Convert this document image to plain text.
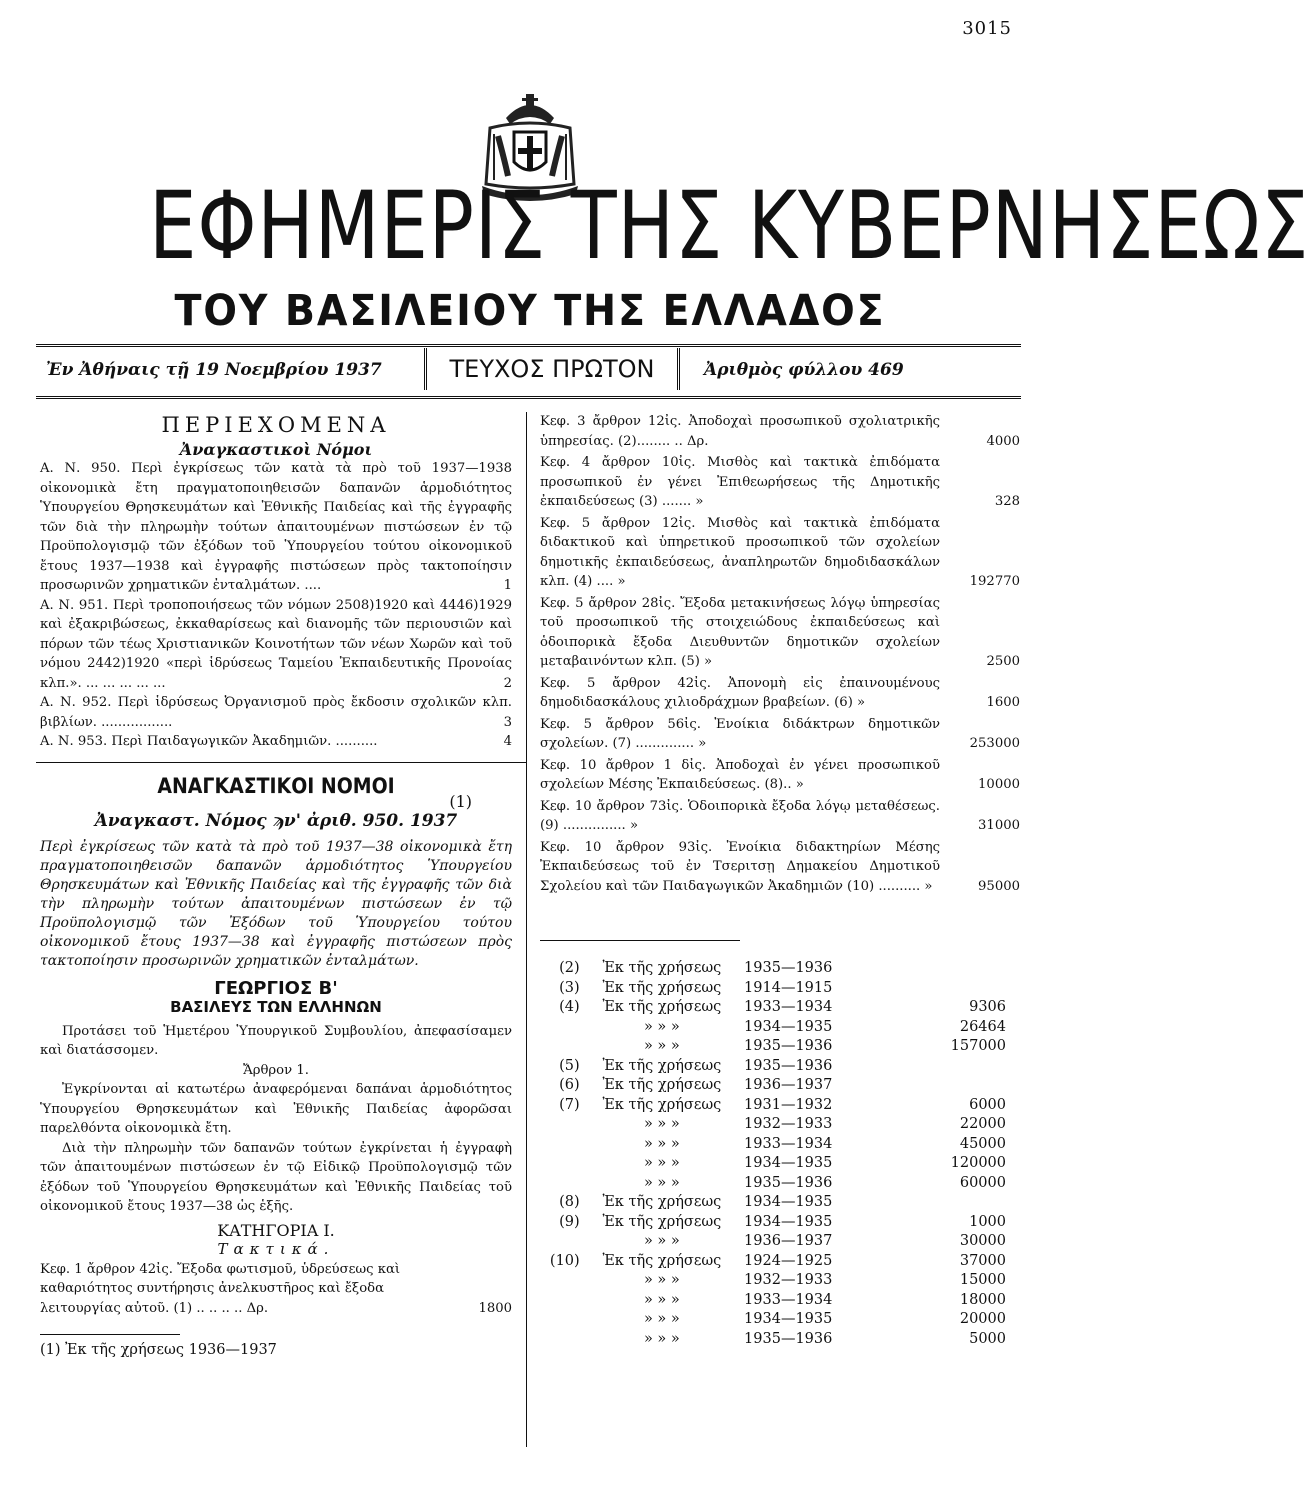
3015
ΕΦΗΜΕΡΙΣ ΤΗΣ ΚΥΒΕΡΝΗΣΕΩΣ
ΤΟΥ ΒΑΣΙΛΕΙΟΥ ΤΗΣ ΕΛΛΑΔΟΣ
Ἐν Ἀθήναις τῇ 19 Νοεμβρίου 1937	ΤΕΥΧΟΣ ΠΡΩΤΟΝ	Ἀριθμὸς φύλλου 469
ΠΕΡΙΕΧΟΜΕΝΑ
Ἀναγκαστικοὶ Νόμοι

Α. Ν. 950. Περὶ ἐγκρίσεως τῶν κατὰ τὰ πρὸ τοῦ 1937—1938 οἰκονομικὰ ἔτη πραγματοποιηθεισῶν δαπανῶν ἁρμοδιότητος Ὑπουργείου Θρησκευμάτων καὶ Ἐθνικῆς Παιδείας καὶ τῆς ἐγγραφῆς τῶν διὰ τὴν πληρωμὴν τούτων ἀπαιτουμένων πιστώσεων ἐν τῷ Προϋπολογισμῷ τῶν ἐξόδων τοῦ Ὑπουργείου τούτου οἰκονομικοῦ ἔτους 1937—1938 καὶ ἐγγραφῆς πιστώσεων πρὸς τακτοποίησιν προσωρινῶν χρηματικῶν ἐνταλμάτων. ....	1

Α. Ν. 951. Περὶ τροποποιήσεως τῶν νόμων 2508)1920 καὶ 4446)1929 καὶ ἐξακριβώσεως, ἐκκαθαρίσεως καὶ διανομῆς τῶν περιουσιῶν καὶ πόρων τῶν τέως Χριστιανικῶν Κοινοτήτων τῶν νέων Χωρῶν καὶ τοῦ νόμου 2442)1920 «περὶ ἱδρύσεως Ταμείου Ἐκπαιδευτικῆς Προνοίας κλπ.». ... ... ... ... ...	2

Α. Ν. 952. Περὶ ἱδρύσεως Ὀργανισμοῦ πρὸς ἔκδοσιν σχολικῶν κλπ. βιβλίων. .................	3

Α. Ν. 953. Περὶ Παιδαγωγικῶν Ἀκαδημιῶν. ..........	4

ΑΝΑΓΚΑΣΤΙΚΟΙ ΝΟΜΟΙ
(1)
Ἀναγκαστ. Νόμος ϡν' ἀριθ. 950. 1937

Περὶ ἐγκρίσεως τῶν κατὰ τὰ πρὸ τοῦ 1937—38 οἰκονομικὰ ἔτη πραγματοποιηθεισῶν δαπανῶν ἁρμοδιότητος Ὑπουργείου Θρησκευμάτων καὶ Ἐθνικῆς Παιδείας καὶ τῆς ἐγγραφῆς τῶν διὰ τὴν πληρωμὴν τούτων ἀπαιτουμένων πιστώσεων ἐν τῷ Προϋπολογισμῷ τῶν Ἐξόδων τοῦ Ὑπουργείου τούτου οἰκονομικοῦ ἔτους 1937—38 καὶ ἐγγραφῆς πιστώσεων πρὸς τακτοποίησιν προσωρινῶν χρηματικῶν ἐνταλμάτων.

ΓΕΩΡΓΙΟΣ Β'

ΒΑΣΙΛΕΥΣ ΤΩΝ ΕΛΛΗΝΩΝ

Προτάσει τοῦ Ἡμετέρου Ὑπουργικοῦ Συμβουλίου, ἀπεφασίσαμεν καὶ διατάσσομεν.

Ἄρθρον 1.

Ἐγκρίνονται αἱ κατωτέρω ἀναφερόμεναι δαπάναι ἁρμοδιότητος Ὑπουργείου Θρησκευμάτων καὶ Ἐθνικῆς Παιδείας ἀφορῶσαι παρελθόντα οἰκονομικὰ ἔτη.

Διὰ τὴν πληρωμὴν τῶν δαπανῶν τούτων ἐγκρίνεται ἡ ἐγγραφὴ τῶν ἀπαιτουμένων πιστώσεων ἐν τῷ Εἰδικῷ Προϋπολογισμῷ τῶν ἐξόδων τοῦ Ὑπουργείου Θρησκευμάτων καὶ Ἐθνικῆς Παιδείας τοῦ οἰκονομικοῦ ἔτους 1937—38 ὡς ἑξῆς.

ΚΑΤΗΓΟΡΙΑ Ι.

Τακτικά.

Κεφ. 1 ἄρθρον 42ἰς. Ἔξοδα φωτισμοῦ, ὑδρεύσεως καὶ καθαριότητος συντήρησις ἀνελκυστῆρος καὶ ἔξοδα λειτουργίας αὐτοῦ. (1) .. .. .. .. Δρ.	1800

(1) Ἐκ τῆς χρήσεως 1936—1937

Κεφ. 3 ἄρθρον 12ἰς. Ἀποδοχαὶ προσωπικοῦ σχολιατρικῆς ὑπηρεσίας. (2)........ .. Δρ.	4000
Κεφ. 4 ἄρθρον 10ἰς. Μισθὸς καὶ τακτικὰ ἐπιδόματα προσωπικοῦ ἐν γένει Ἐπιθεωρήσεως τῆς Δημοτικῆς ἐκπαιδεύσεως (3) ....... »	328
Κεφ. 5 ἄρθρον 12ἰς. Μισθὸς καὶ τακτικὰ ἐπιδόματα διδακτικοῦ καὶ ὑπηρετικοῦ προσωπικοῦ τῶν σχολείων δημοτικῆς ἐκπαιδεύσεως, ἀναπληρωτῶν δημοδιδασκάλων κλπ. (4) .... »	192770
Κεφ. 5 ἄρθρον 28ἰς. Ἔξοδα μετακινήσεως λόγῳ ὑπηρεσίας τοῦ προσωπικοῦ τῆς στοιχειώδους ἐκπαιδεύσεως καὶ ὁδοιπορικὰ ἔξοδα Διευθυντῶν δημοτικῶν σχολείων μεταβαινόντων κλπ. (5) »	2500
Κεφ. 5 ἄρθρον 42ἰς. Ἀπονομὴ εἰς ἐπαινουμένους δημοδιδασκάλους χιλιοδράχμων βραβείων. (6) »	1600
Κεφ. 5 ἄρθρον 56ἰς. Ἐνοίκια διδάκτρων δημοτικῶν σχολείων. (7) .............. »	253000
Κεφ. 10 ἄρθρον 1 δἰς. Ἀποδοχαὶ ἐν γένει προσωπικοῦ σχολείων Μέσης Ἐκπαιδεύσεως. (8).. »	10000
Κεφ. 10 ἄρθρον 73ἰς. Ὁδοιπορικὰ ἔξοδα λόγῳ μεταθέσεως. (9) ............... »	31000
Κεφ. 10 ἄρθρον 93ἰς. Ἐνοίκια διδακτηρίων Μέσης Ἐκπαιδεύσεως τοῦ ἐν Τσεριτσῃ Δημακείου Δημοτικοῦ Σχολείου καὶ τῶν Παιδαγωγικῶν Ἀκαδημιῶν (10) .......... »	95000
(2)	Ἐκ τῆς χρήσεως	1935—1936	
(3)	Ἐκ τῆς χρήσεως	1914—1915	
(4)	Ἐκ τῆς χρήσεως	1933—1934	9306
	» » »	1934—1935	26464
	» » »	1935—1936	157000
(5)	Ἐκ τῆς χρήσεως	1935—1936	
(6)	Ἐκ τῆς χρήσεως	1936—1937	
(7)	Ἐκ τῆς χρήσεως	1931—1932	6000
	» » »	1932—1933	22000
	» » »	1933—1934	45000
	» » »	1934—1935	120000
	» » »	1935—1936	60000
(8)	Ἐκ τῆς χρήσεως	1934—1935	
(9)	Ἐκ τῆς χρήσεως	1934—1935	1000
	» » »	1936—1937	30000
(10)	Ἐκ τῆς χρήσεως	1924—1925	37000
	» » »	1932—1933	15000
	» » »	1933—1934	18000
	» » »	1934—1935	20000
	» » »	1935—1936	5000
